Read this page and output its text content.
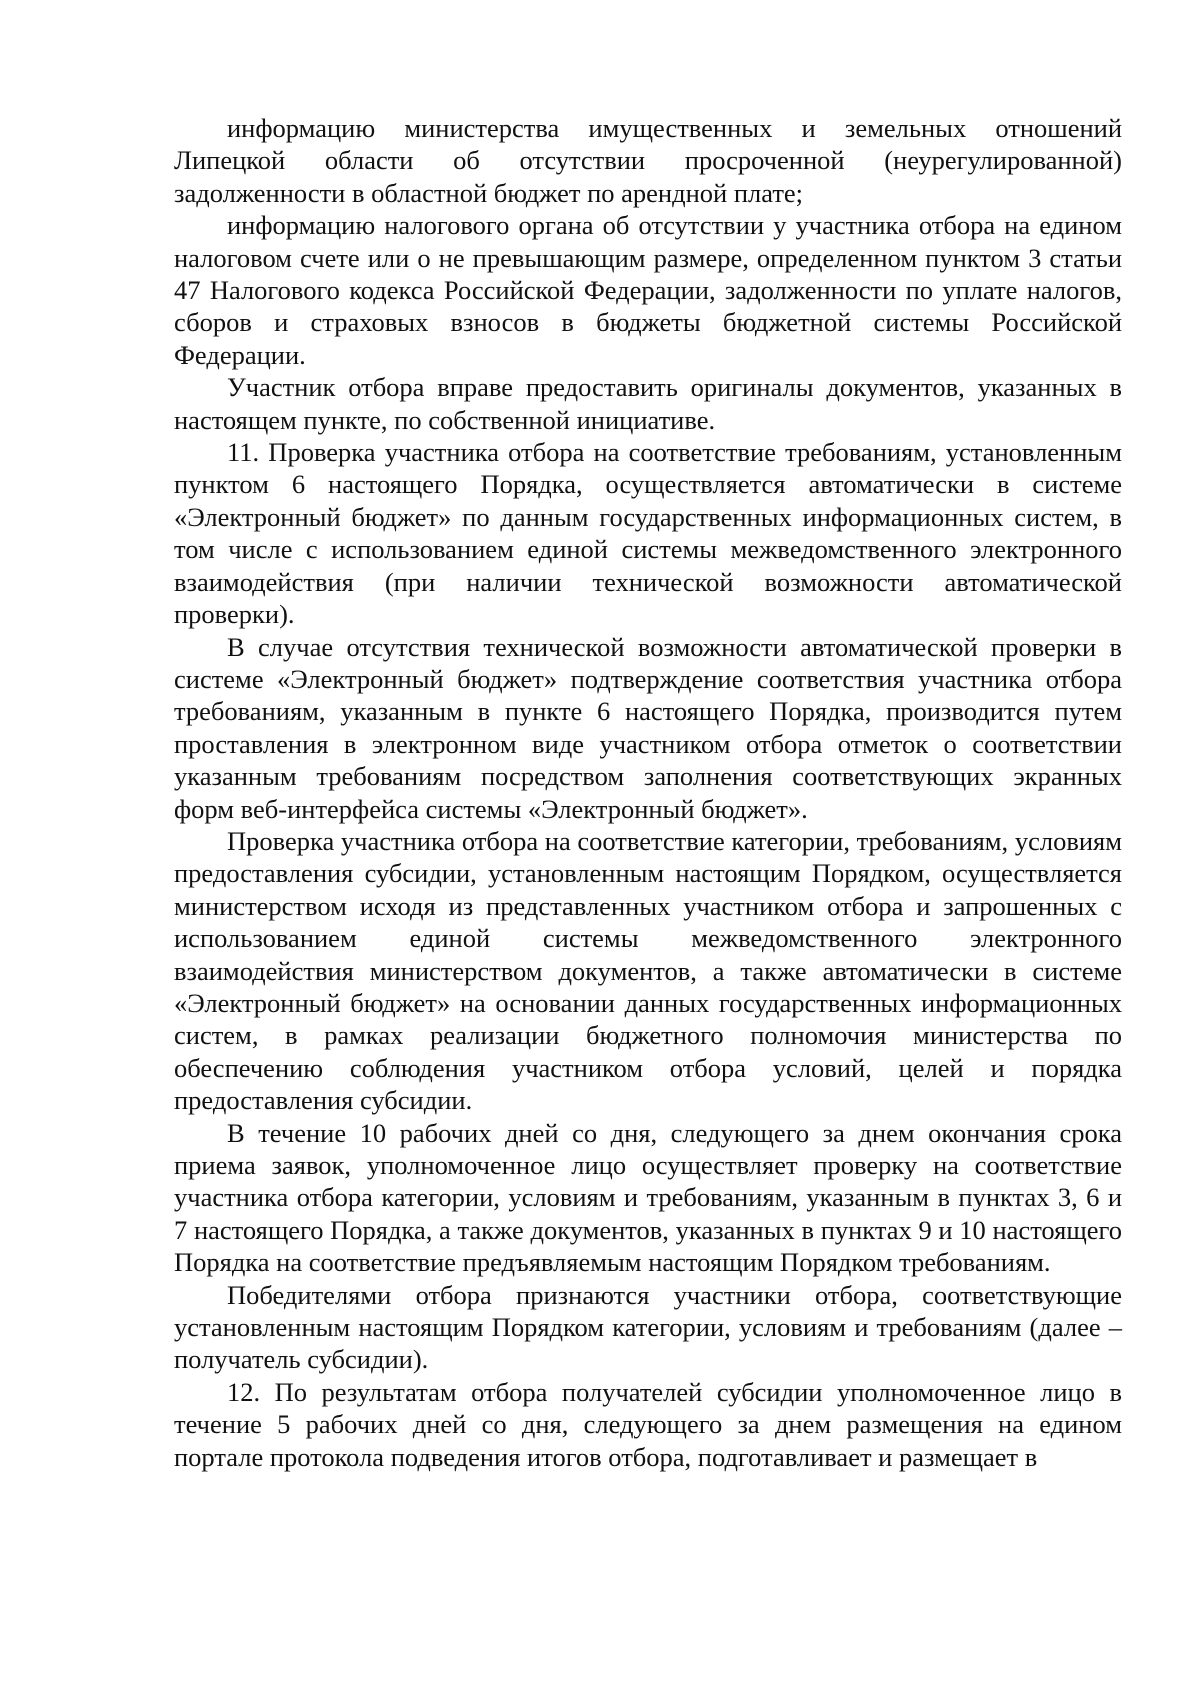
информацию министерства имущественных и земельных отношений Липецкой области об отсутствии просроченной (неурегулированной) задолженности в областной бюджет по арендной плате;

информацию налогового органа об отсутствии у участника отбора на едином налоговом счете или о не превышающим размере, определенном пунктом 3 статьи 47 Налогового кодекса Российской Федерации, задолженности по уплате налогов, сборов и страховых взносов в бюджеты бюджетной системы Российской Федерации.

Участник отбора вправе предоставить оригиналы документов, указанных в настоящем пункте, по собственной инициативе.

11. Проверка участника отбора на соответствие требованиям, установленным пунктом 6 настоящего Порядка, осуществляется автоматически в системе «Электронный бюджет» по данным государственных информационных систем, в том числе с использованием единой системы межведомственного электронного взаимодействия (при наличии технической возможности автоматической проверки).

В случае отсутствия технической возможности автоматической проверки в системе «Электронный бюджет» подтверждение соответствия участника отбора требованиям, указанным в пункте 6 настоящего Порядка, производится путем проставления в электронном виде участником отбора отметок о соответствии указанным требованиям посредством заполнения соответствующих экранных форм веб-интерфейса системы «Электронный бюджет».

Проверка участника отбора на соответствие категории, требованиям, условиям предоставления субсидии, установленным настоящим Порядком, осуществляется министерством исходя из представленных участником отбора и запрошенных с использованием единой системы межведомственного электронного взаимодействия министерством документов, а также автоматически в системе «Электронный бюджет» на основании данных государственных информационных систем, в рамках реализации бюджетного полномочия министерства по обеспечению соблюдения участником отбора условий, целей и порядка предоставления субсидии.

В течение 10 рабочих дней со дня, следующего за днем окончания срока приема заявок, уполномоченное лицо осуществляет проверку на соответствие участника отбора категории, условиям и требованиям, указанным в пунктах 3, 6 и 7 настоящего Порядка, а также документов, указанных в пунктах 9 и 10 настоящего Порядка на соответствие предъявляемым настоящим Порядком требованиям.

Победителями отбора признаются участники отбора, соответствующие установленным настоящим Порядком категории, условиям и требованиям (далее – получатель субсидии).

12. По результатам отбора получателей субсидии уполномоченное лицо в течение 5 рабочих дней со дня, следующего за днем размещения на едином портале протокола подведения итогов отбора, подготавливает и размещает в
